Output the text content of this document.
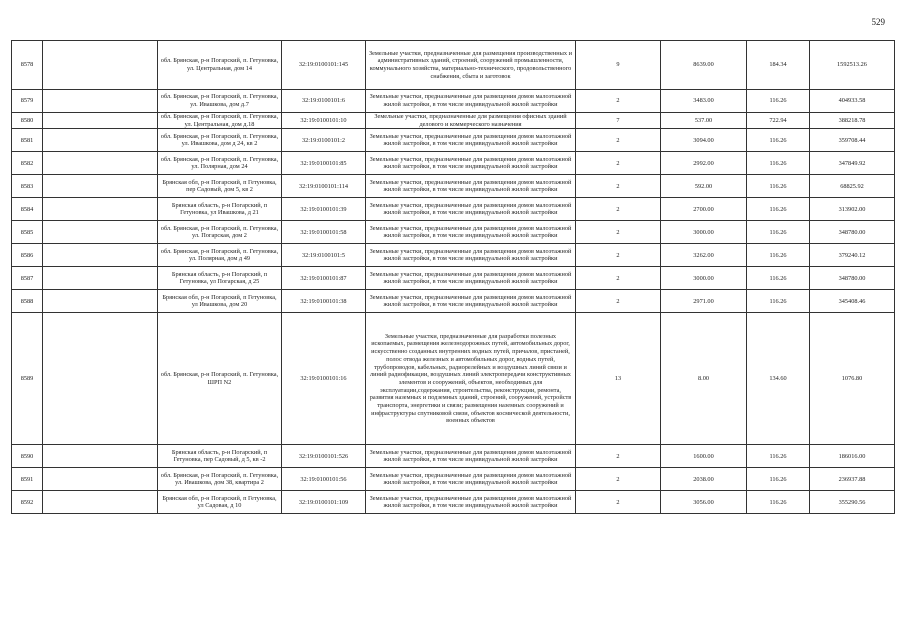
529
8578		обл. Брянская, р-н Погарский, п. Гетуновка, ул. Центральная, дом 14	32:19:0100101:145	Земельные участки, предназначенные для размещения производственных и административных зданий, строений, сооружений промышленности, коммунального хозяйства, материально-технического, продовольственного снабжения, сбыта и заготовок	9	8639.00	184.34	1592513.26
8579		обл. Брянская, р-н Погарский, п. Гетуновка, ул. Ивашкова, дом д.7	32:19:0100101:6	Земельные участки, предназначенные для размещения домов малоэтажной жилой застройки, в том числе индивидуальной жилой застройки	2	3483.00	116.26	404933.58
8580		обл. Брянская, р-н Погарский, п. Гетуновка, ул. Центральная, дом д.18	32:19:0100101:10	Земельные участки, предназначенные для размещения офисных зданий делового и коммерческого назначения	7	537.00	722.94	388218.78
8581		обл. Брянская, р-н Погарский, п. Гетуновка, ул. Ивашкова, дом д 24, кв 2	32:19:0100101:2	Земельные участки, предназначенные для размещения домов малоэтажной жилой застройки, в том числе индивидуальной жилой застройки	2	3094.00	116.26	359708.44
8582		обл. Брянская, р-н Погарский, п. Гетуновка, ул. Полярная, дом 24	32:19:0100101:85	Земельные участки, предназначенные для размещения домов малоэтажной жилой застройки, в том числе индивидуальной жилой застройки	2	2992.00	116.26	347849.92
8583		Брянская обл, р-н Погарский, п Гетуновка, пер Садовый, дом 5, кв 2	32:19:0100101:114	Земельные участки, предназначенные для размещения домов малоэтажной жилой застройки, в том числе индивидуальной жилой застройки	2	592.00	116.26	68825.92
8584		Брянская область, р-н Погарский, п Гетуновка, ул Ивашкова, д 21	32:19:0100101:39	Земельные участки, предназначенные для размещения домов малоэтажной жилой застройки, в том числе индивидуальной жилой застройки	2	2700.00	116.26	313902.00
8585		обл. Брянская, р-н Погарский, п. Гетуновка, ул. Погарская, дом 2	32:19:0100101:58	Земельные участки, предназначенные для размещения домов малоэтажной жилой застройки, в том числе индивидуальной жилой застройки	2	3000.00	116.26	348780.00
8586		обл. Брянская, р-н Погарский, п. Гетуновка, ул. Полярная, дом д 49	32:19:0100101:5	Земельные участки, предназначенные для размещения домов малоэтажной жилой застройки, в том числе индивидуальной жилой застройки	2	3262.00	116.26	379240.12
8587		Брянская область, р-н Погарский, п Гетуновка, ул Погарская, д 25	32:19:0100101:87	Земельные участки, предназначенные для размещения домов малоэтажной жилой застройки, в том числе индивидуальной жилой застройки	2	3000.00	116.26	348780.00
8588		Брянская обл, р-н Погарский, п Гетуновка, ул Ивашкова, дом 20	32:19:0100101:38	Земельные участки, предназначенные для размещения домов малоэтажной жилой застройки, в том числе индивидуальной жилой застройки	2	2971.00	116.26	345408.46
8589		обл. Брянская, р-н Погарский, п. Гетуновка, ШРП N2	32:19:0100101:16	Земельные участки, предназначенные для разработки полезных ископаемых, размещения железнодорожных путей, автомобильных дорог, искусственно созданных внутренних водных путей, причалов, пристаней, полос отвода железных и автомобильных дорог, водных путей, трубопроводов, кабельных, радиорелейных и воздушных линий связи и линий радиофикации, воздушных линий электропередачи конструктивных элементов и сооружений, объектов, необходимых для эксплуатации,содержания, строительства, реконструкции, ремонта, развития наземных и подземных зданий, строений, сооружений, устройств транспорта, энергетики и связи; размещения наземных сооружений и инфраструктуры спутниковой связи, объектов космической деятельности, военных объектов	13	8.00	134.60	1076.80
8590		Брянская область, р-н Погарский, п Гетуновка, пер Садовый, д 5, кв -2	32:19:0100101:526	Земельные участки, предназначенные для размещения домов малоэтажной жилой застройки, в том числе индивидуальной жилой застройки	2	1600.00	116.26	186016.00
8591		обл. Брянская, р-н Погарский, п. Гетуновка, ул. Ивашкова, дом 38, квартира 2	32:19:0100101:56	Земельные участки, предназначенные для размещения домов малоэтажной жилой застройки, в том числе индивидуальной жилой застройки	2	2038.00	116.26	236937.88
8592		Брянская обл, р-н Погарский, п Гетуновка, ул Садовая, д 10	32:19:0100101:109	Земельные участки, предназначенные для размещения домов малоэтажной жилой застройки, в том числе индивидуальной жилой застройки	2	3056.00	116.26	355290.56
